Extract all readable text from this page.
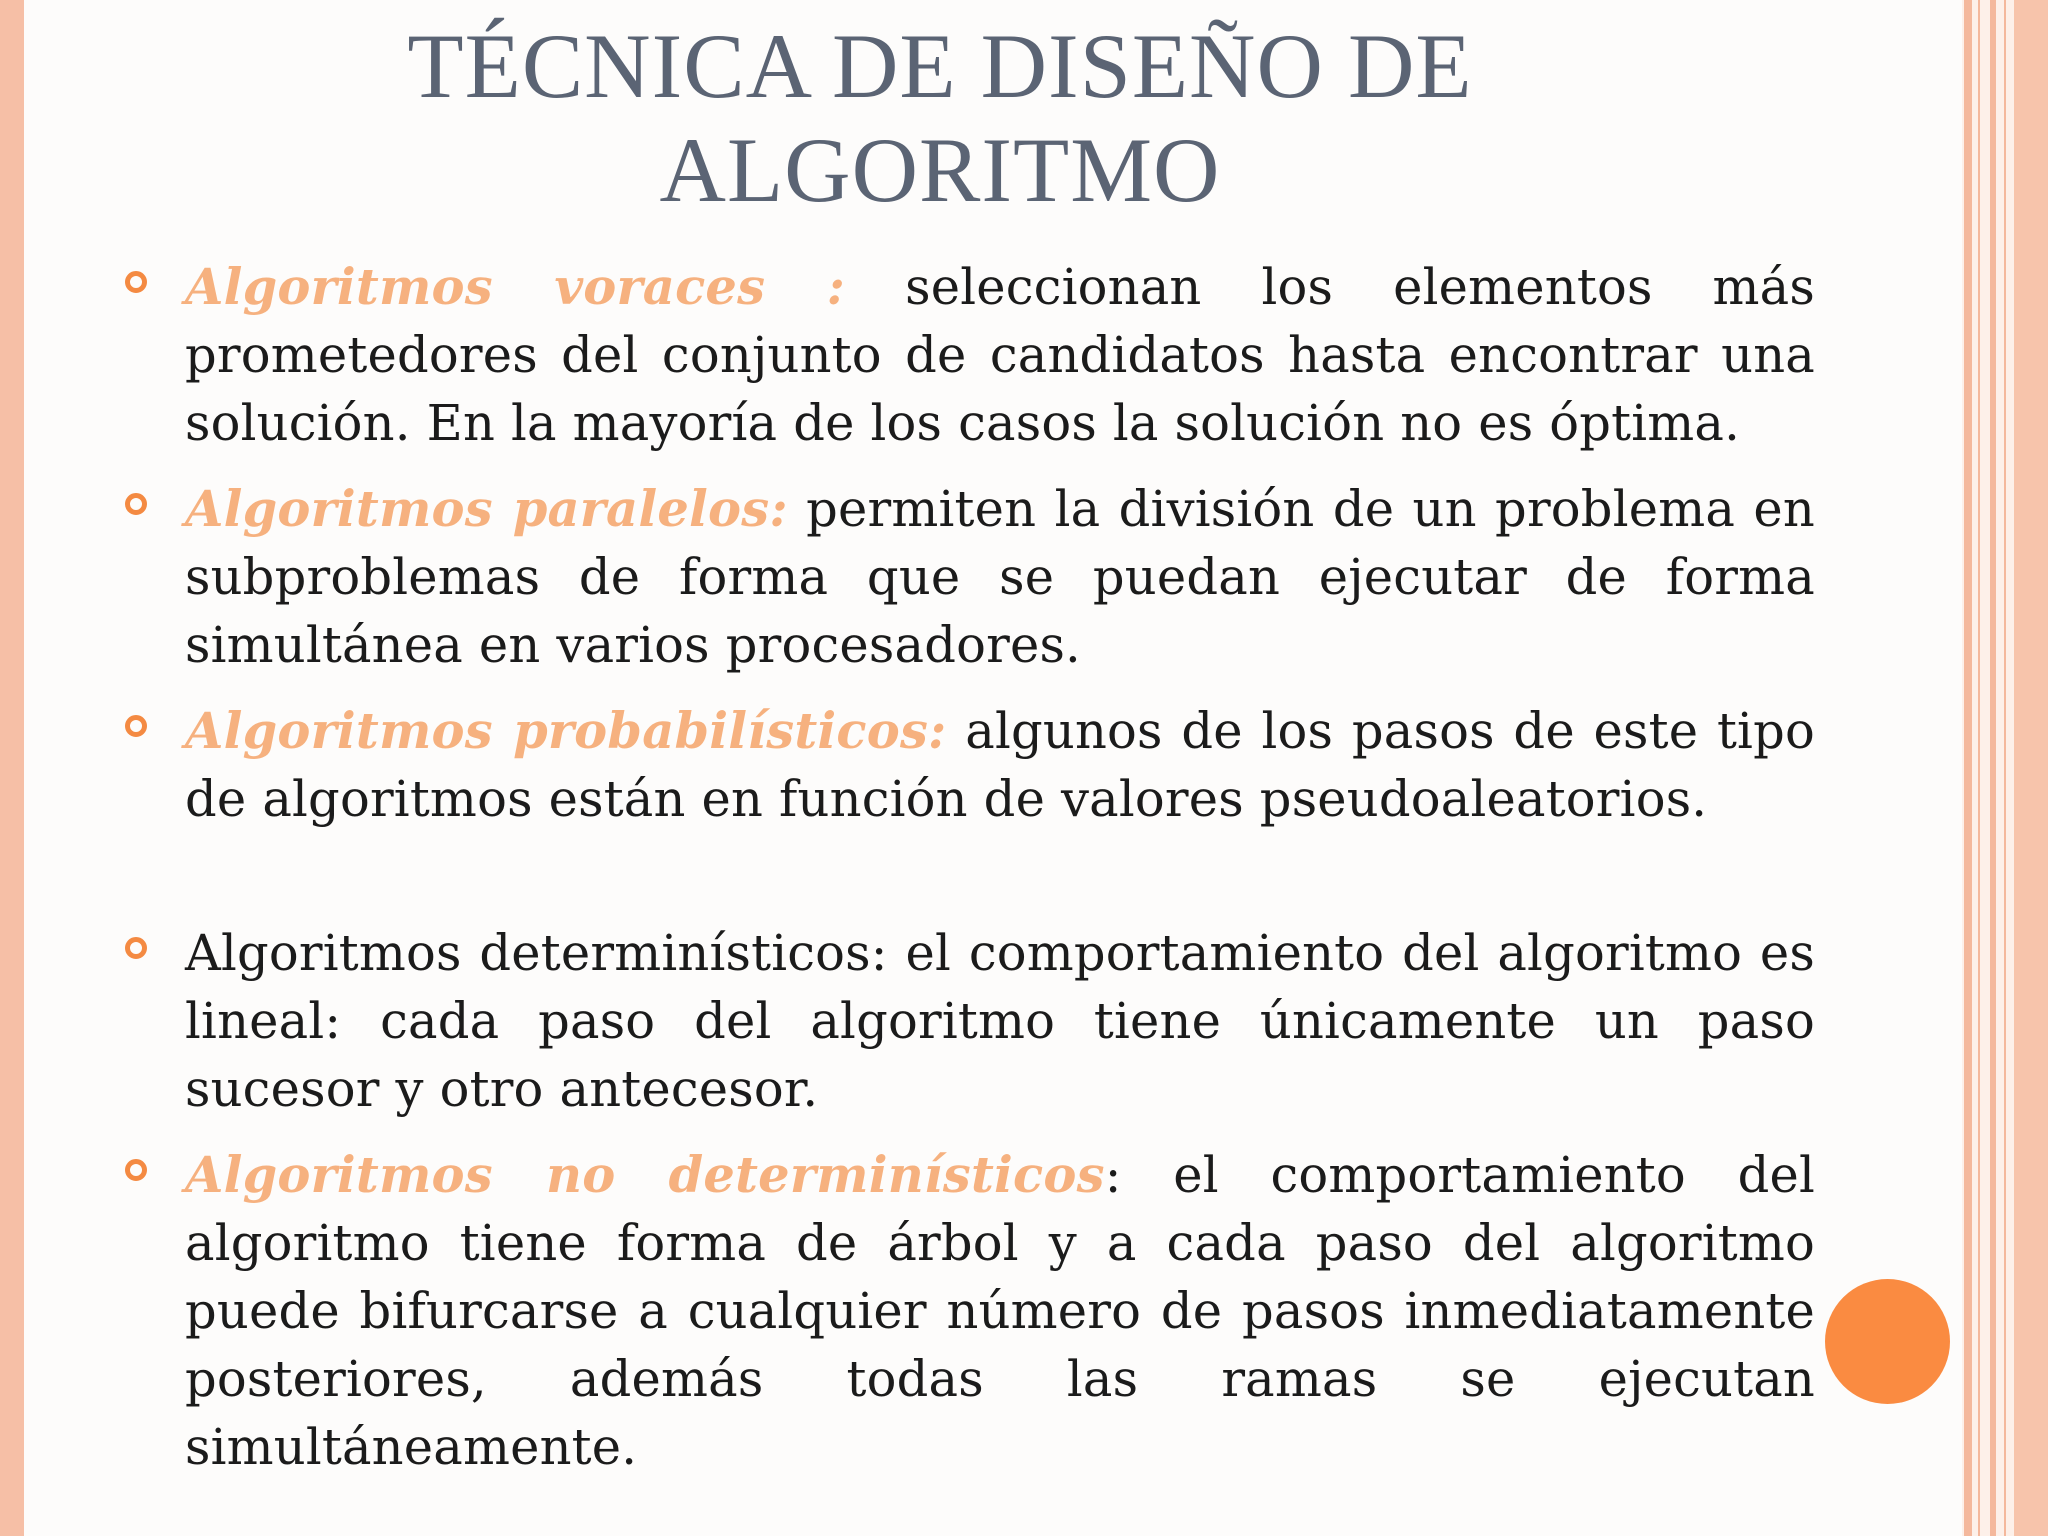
TÉCNICA DE DISEÑO DE
ALGORITMO

Algoritmos voraces : seleccionan los elementos más prometedores del conjunto de candidatos hasta encontrar una solución. En la mayoría de los casos la solución no es óptima.

Algoritmos paralelos: permiten la división de un problema en subproblemas de forma que se puedan ejecutar de forma simultánea en varios procesadores.

Algoritmos probabilísticos: algunos de los pasos de este tipo de algoritmos están en función de valores pseudoaleatorios.

Algoritmos determinísticos: el comportamiento del algoritmo es lineal: cada paso del algoritmo tiene únicamente un paso sucesor y otro antecesor.

Algoritmos no determinísticos: el comportamiento del algoritmo tiene forma de árbol y a cada paso del algoritmo puede bifurcarse a cualquier número de pasos inmediatamente posteriores, además todas las ramas se ejecutan simultáneamente.
